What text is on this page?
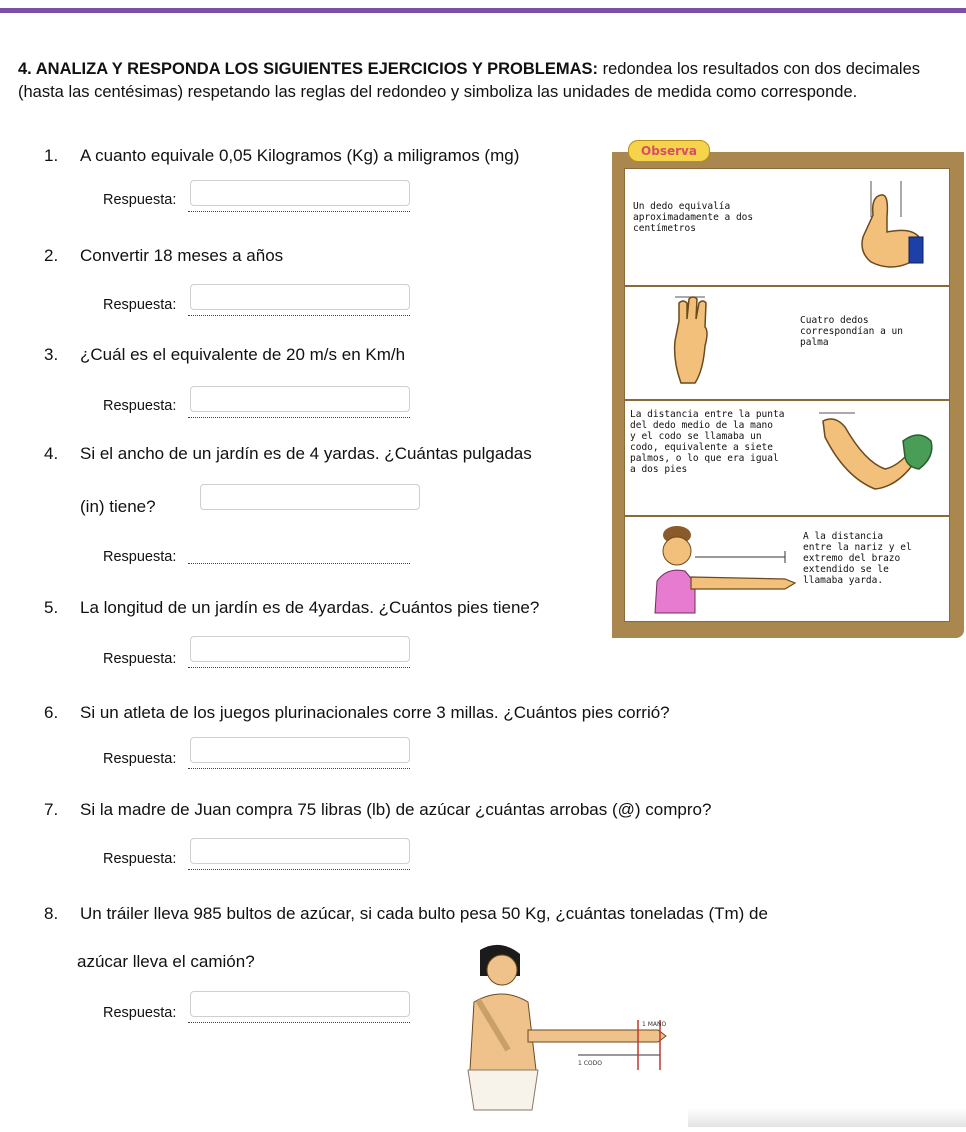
4. ANALIZA Y RESPONDA LOS SIGUIENTES EJERCICIOS Y PROBLEMAS: redondea los resultados con dos decimales (hasta las centésimas) respetando las reglas del redondeo y simboliza las unidades de medida como corresponde.
1. A cuanto equivale 0,05 Kilogramos (Kg) a miligramos (mg)
Respuesta:
2. Convertir 18 meses a años
Respuesta:
3. ¿Cuál es el equivalente de 20 m/s en Km/h
Respuesta:
4. Si el ancho de un jardín es de 4 yardas. ¿Cuántas pulgadas
(in) tiene?
Respuesta:
5. La longitud de un jardín es de 4yardas. ¿Cuántos pies tiene?
Respuesta:
6. Si un atleta de los juegos plurinacionales corre 3 millas. ¿Cuántos pies corrió?
Respuesta:
7. Si la madre de Juan compra 75 libras (lb) de azúcar ¿cuántas arrobas (@) compro?
Respuesta:
8. Un tráiler lleva 985 bultos de azúcar, si cada bulto pesa 50 Kg, ¿cuántas toneladas (Tm) de
azúcar lleva el camión?
Respuesta:
Observa
Un dedo equivalía
aproximadamente a dos
centímetros
Cuatro dedos
correspondían a un
palma
La distancia entre la punta
del dedo medio de la mano
y el codo se llamaba un
codo, equivalente a siete
palmos, o lo que era igual
a dos pies
A la distancia
entre la nariz y el
extremo del brazo
extendido se le
llamaba yarda.
1 MANO
1 CODO
